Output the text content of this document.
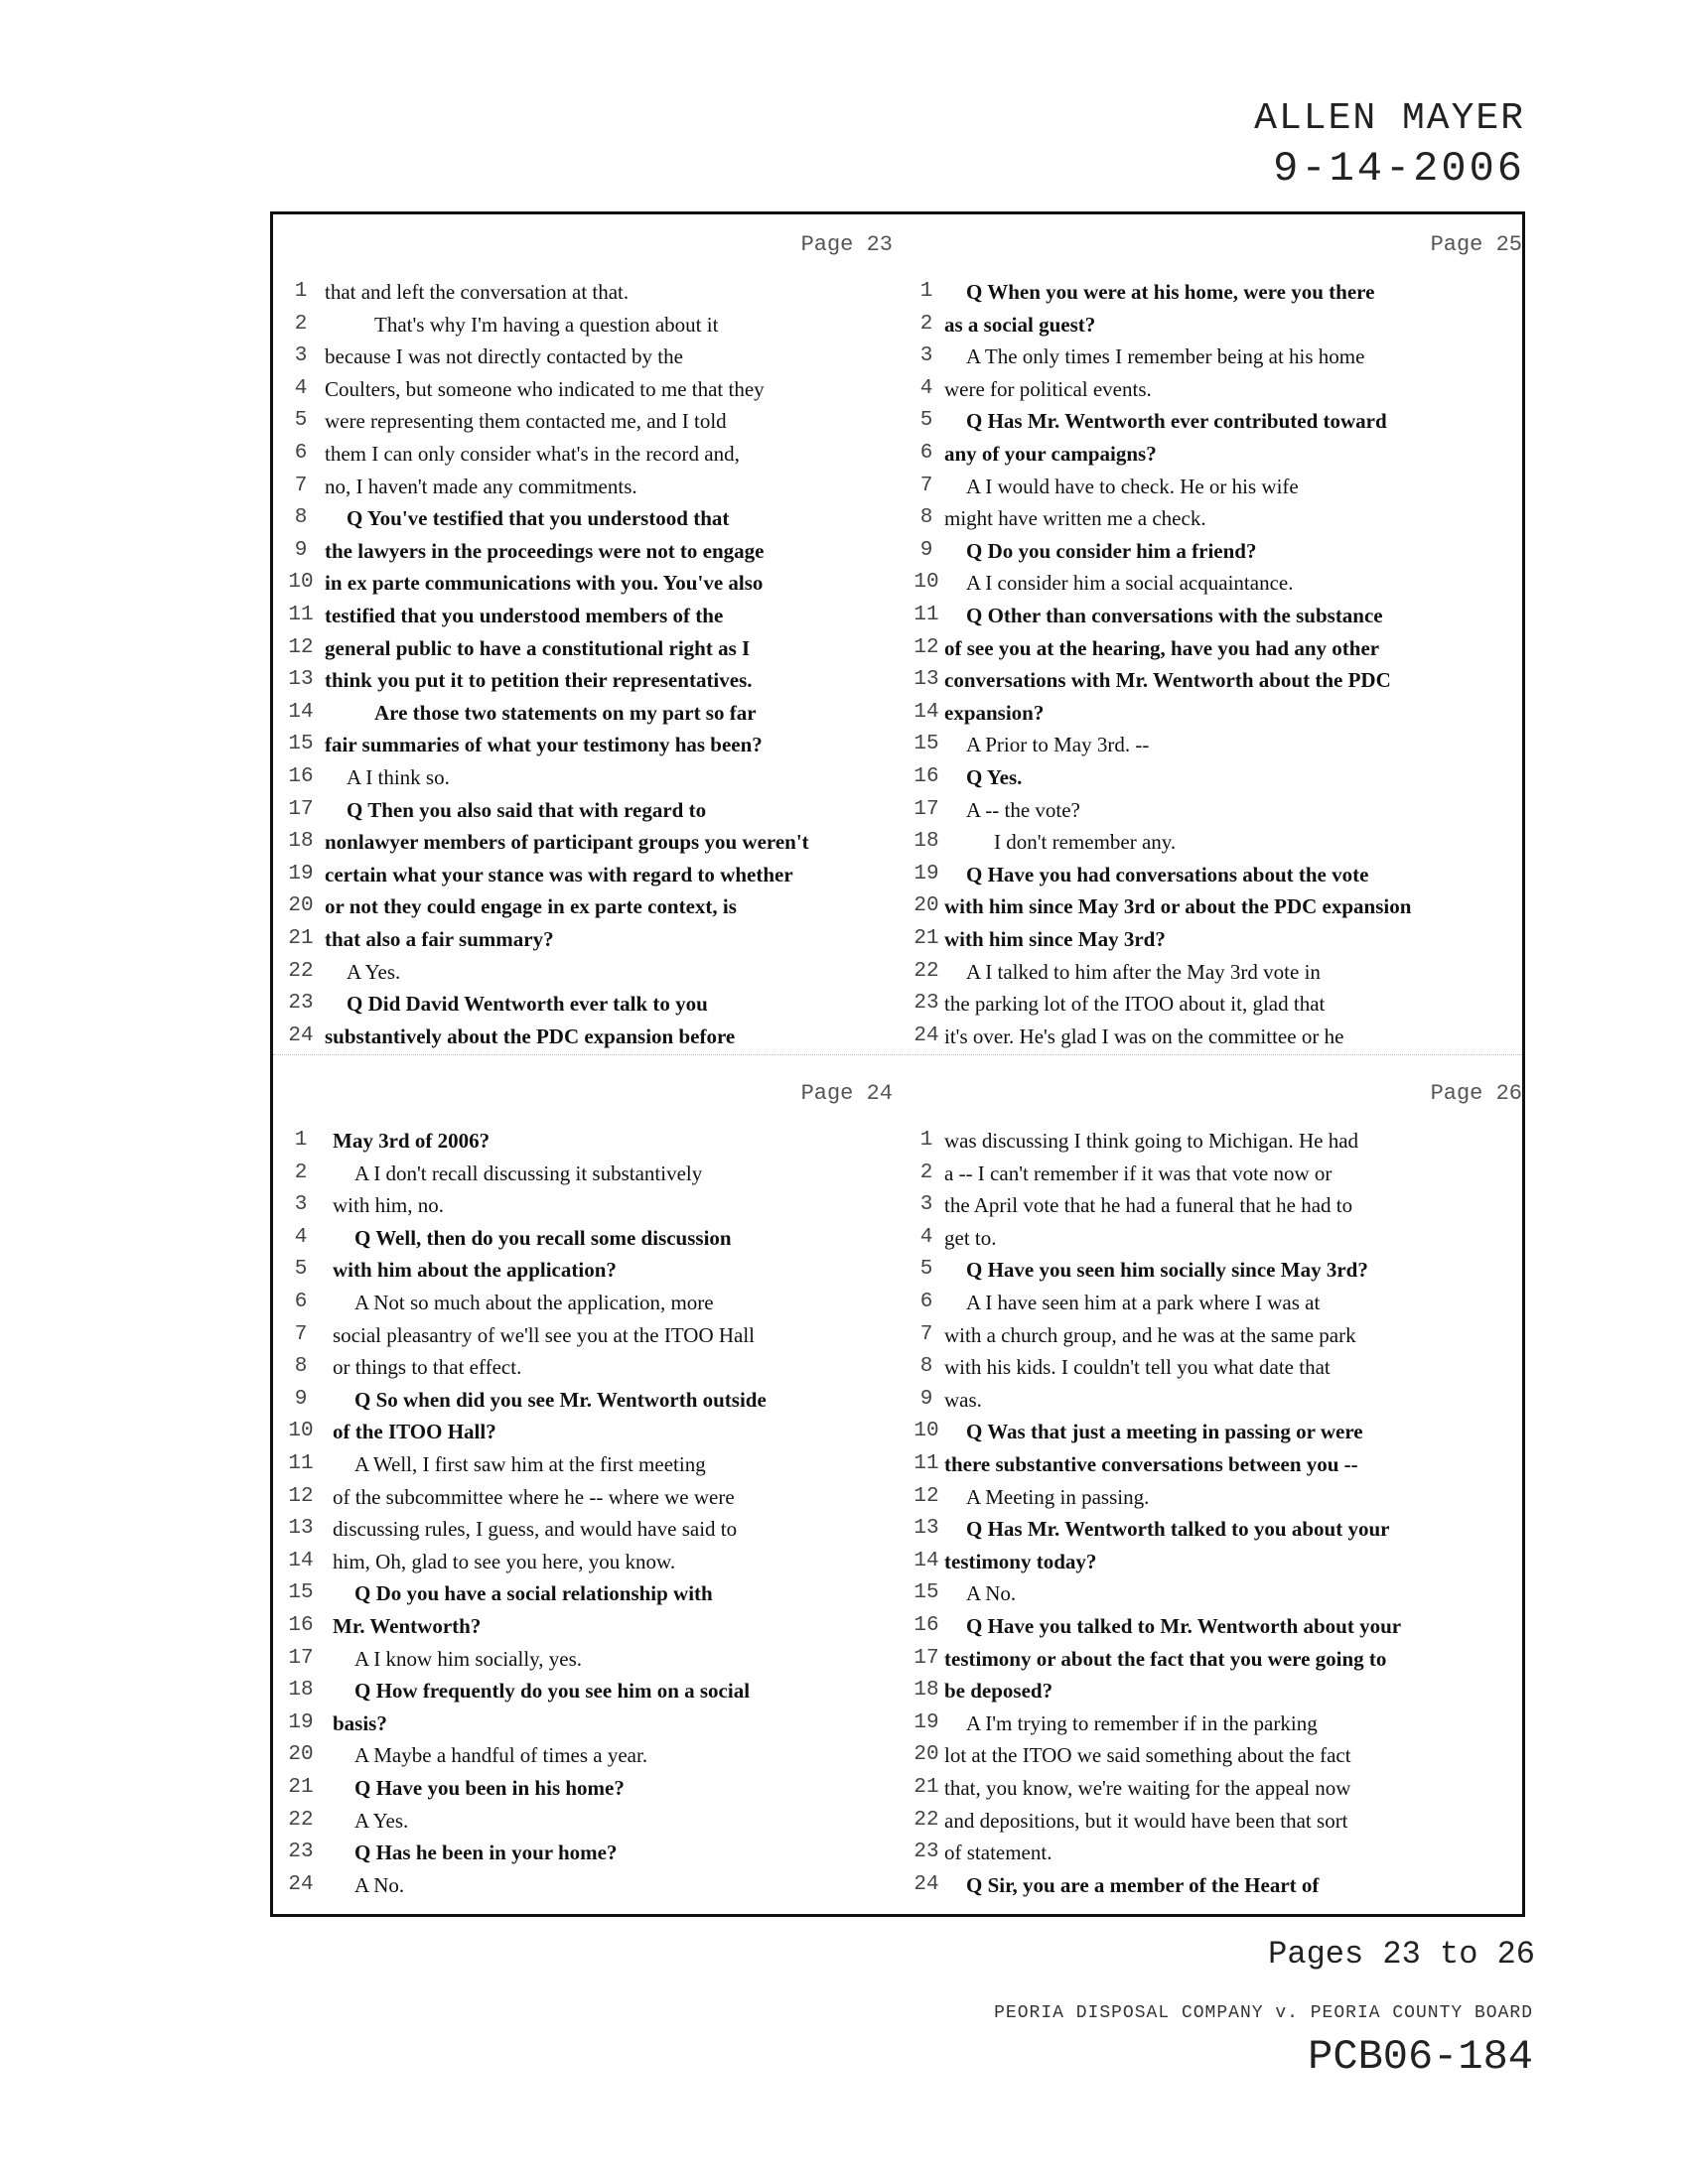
ALLEN MAYER
9-14-2006
Page 23
1 that and left the conversation at that.
2	That's why I'm having a question about it
3 because I was not directly contacted by the
4 Coulters, but someone who indicated to me that they
5 were representing them contacted me, and I told
6 them I can only consider what's in the record and,
7 no, I haven't made any commitments.
8	Q You've testified that you understood that
9 the lawyers in the proceedings were not to engage
10 in ex parte communications with you. You've also
11 testified that you understood members of the
12 general public to have a constitutional right as I
13 think you put it to petition their representatives.
14	Are those two statements on my part so far
15 fair summaries of what your testimony has been?
16	A I think so.
17	Q Then you also said that with regard to
18 nonlawyer members of participant groups you weren't
19 certain what your stance was with regard to whether
20 or not they could engage in ex parte context, is
21 that also a fair summary?
22	A Yes.
23	Q Did David Wentworth ever talk to you
24 substantively about the PDC expansion before
Page 25
1	Q When you were at his home, were you there
2 as a social guest?
3	A The only times I remember being at his home
4 were for political events.
5	Q Has Mr. Wentworth ever contributed toward
6 any of your campaigns?
7	A I would have to check. He or his wife
8 might have written me a check.
9	Q Do you consider him a friend?
10	A I consider him a social acquaintance.
11	Q Other than conversations with the substance
12 of see you at the hearing, have you had any other
13 conversations with Mr. Wentworth about the PDC
14 expansion?
15	A Prior to May 3rd. --
16	Q Yes.
17	A -- the vote?
18	I don't remember any.
19	Q Have you had conversations about the vote
20 with him since May 3rd or about the PDC expansion
21 with him since May 3rd?
22	A I talked to him after the May 3rd vote in
23 the parking lot of the ITOO about it, glad that
24 it's over. He's glad I was on the committee or he
Page 24
1	May 3rd of 2006?
2	A I don't recall discussing it substantively
3	with him, no.
4	Q Well, then do you recall some discussion
5	with him about the application?
6	A Not so much about the application, more
7	social pleasantry of we'll see you at the ITOO Hall
8	or things to that effect.
9	Q So when did you see Mr. Wentworth outside
10 of the ITOO Hall?
11	A Well, I first saw him at the first meeting
12 of the subcommittee where he -- where we were
13 discussing rules, I guess, and would have said to
14 him, Oh, glad to see you here, you know.
15	Q Do you have a social relationship with
16 Mr. Wentworth?
17	A I know him socially, yes.
18	Q How frequently do you see him on a social
19 basis?
20	A Maybe a handful of times a year.
21	Q Have you been in his home?
22	A Yes.
23	Q Has he been in your home?
24	A No.
Page 26
1 was discussing I think going to Michigan. He had
2 a -- I can't remember if it was that vote now or
3 the April vote that he had a funeral that he had to
4 get to.
5	Q Have you seen him socially since May 3rd?
6	A I have seen him at a park where I was at
7 with a church group, and he was at the same park
8 with his kids. I couldn't tell you what date that
9 was.
10	Q Was that just a meeting in passing or were
11 there substantive conversations between you --
12	A Meeting in passing.
13	Q Has Mr. Wentworth talked to you about your
14 testimony today?
15	A No.
16	Q Have you talked to Mr. Wentworth about your
17 testimony or about the fact that you were going to
18 be deposed?
19	A I'm trying to remember if in the parking
20 lot at the ITOO we said something about the fact
21 that, you know, we're waiting for the appeal now
22 and depositions, but it would have been that sort
23 of statement.
24	Q Sir, you are a member of the Heart of
Pages 23 to 26
PEORIA DISPOSAL COMPANY v. PEORIA COUNTY BOARD
PCB06-184
